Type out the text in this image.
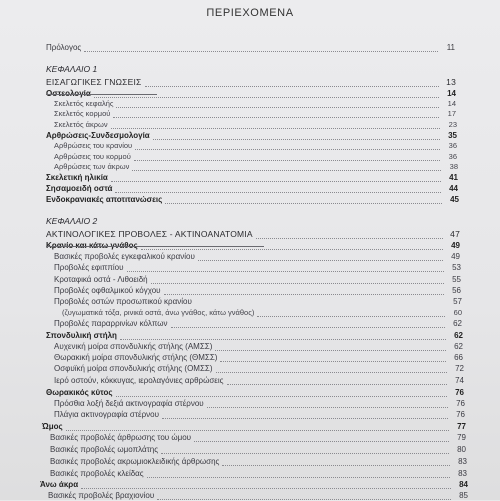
ΠΕΡΙΕΧΟΜΕΝΑ
Πρόλογος	11
ΚΕΦΑΛΑΙΟ 1
ΕΙΣΑΓΩΓΙΚΕΣ ΓΝΩΣΕΙΣ	13
Οστεολογία	14
Σκελετός κεφαλής	14
Σκελετός κορμού	17
Σκελετός άκρων	23
Αρθρώσεις-Συνδεσμολογία	35
Αρθρώσεις του κρανίου	36
Αρθρώσεις του κορμού	36
Αρθρώσεις των άκρων	38
Σκελετική ηλικία	41
Σησαμοειδή οστά	44
Ενδοκρανιακές αποτιτανώσεις	45
ΚΕΦΑΛΑΙΟ 2
ΑΚΤΙΝΟΛΟΓΙΚΕΣ ΠΡΟΒΟΛΕΣ - ΑΚΤΙΝΟΑΝΑΤΟΜΙΑ	47
Κρανίο και κάτω γνάθος	49
Βασικές προβολές εγκεφαλικού κρανίου	49
Προβολές εφιππίου	53
Κροταφικά οστά - Λιθοειδή	55
Προβολές οφθαλμικού κόγχου	56
Προβολές οστών προσωπικού κρανίου	57
(ζυγωματικά τόξα, ρινικά οστά, άνω γνάθος, κάτω γνάθος)	60
Προβολές παραρρινίων κόλπων	62
Σπονδυλική στήλη	62
Αυχενική μοίρα σπονδυλικής στήλης (ΑΜΣΣ)	62
Θωρακική μοίρα σπονδυλικής στήλης (ΘΜΣΣ)	66
Οσφυϊκή μοίρα σπονδυλικής στήλης (ΟΜΣΣ)	72
Ιερό οστούν, κόκκυγας, ιερολαγόνιες αρθρώσεις	74
Θωρακικός κύτος	76
Πρόσθια λοξή δεξιά ακτινογραφία στέρνου	76
Πλάγια ακτινογραφία στέρνου	76
Ώμος	77
Βασικές προβολές άρθρωσης του ώμου	79
Βασικές προβολές ωμοπλάτης	80
Βασικές προβολές ακρωμιοκλειδικής άρθρωσης	83
Βασικές προβολές κλείδας	83
Άνω άκρα	84
Βασικές προβολές βραχιονίου	85
